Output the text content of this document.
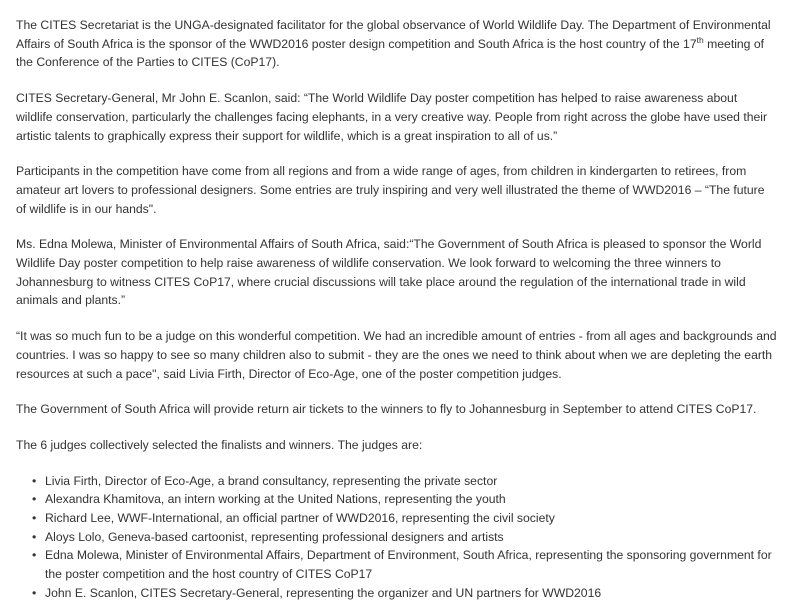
The CITES Secretariat is the UNGA-designated facilitator for the global observance of World Wildlife Day. The Department of Environmental Affairs of South Africa is the sponsor of the WWD2016 poster design competition and South Africa is the host country of the 17th meeting of the Conference of the Parties to CITES (CoP17).

CITES Secretary-General, Mr John E. Scanlon, said: “The World Wildlife Day poster competition has helped to raise awareness about wildlife conservation, particularly the challenges facing elephants, in a very creative way. People from right across the globe have used their artistic talents to graphically express their support for wildlife, which is a great inspiration to all of us.”

Participants in the competition have come from all regions and from a wide range of ages, from children in kindergarten to retirees, from amateur art lovers to professional designers. Some entries are truly inspiring and very well illustrated the theme of WWD2016 – “The future of wildlife is in our hands".

Ms. Edna Molewa, Minister of Environmental Affairs of South Africa, said:“The Government of South Africa is pleased to sponsor the World Wildlife Day poster competition to help raise awareness of wildlife conservation. We look forward to welcoming the three winners to Johannesburg to witness CITES CoP17, where crucial discussions will take place around the regulation of the international trade in wild animals and plants.”

“It was so much fun to be a judge on this wonderful competition. We had an incredible amount of entries - from all ages and backgrounds and countries. I was so happy to see so many children also to submit - they are the ones we need to think about when we are depleting the earth resources at such a pace", said Livia Firth, Director of Eco-Age, one of the poster competition judges.

The Government of South Africa will provide return air tickets to the winners to fly to Johannesburg in September to attend CITES CoP17.

The 6 judges collectively selected the finalists and winners. The judges are:

• Livia Firth, Director of Eco-Age, a brand consultancy, representing the private sector
• Alexandra Khamitova, an intern working at the United Nations, representing the youth
• Richard Lee, WWF-International, an official partner of WWD2016, representing the civil society
• Aloys Lolo, Geneva-based cartoonist, representing professional designers and artists
• Edna Molewa, Minister of Environmental Affairs, Department of Environment, South Africa, representing the sponsoring government for the poster competition and the host country of CITES CoP17
• John E. Scanlon, CITES Secretary-General, representing the organizer and UN partners for WWD2016
